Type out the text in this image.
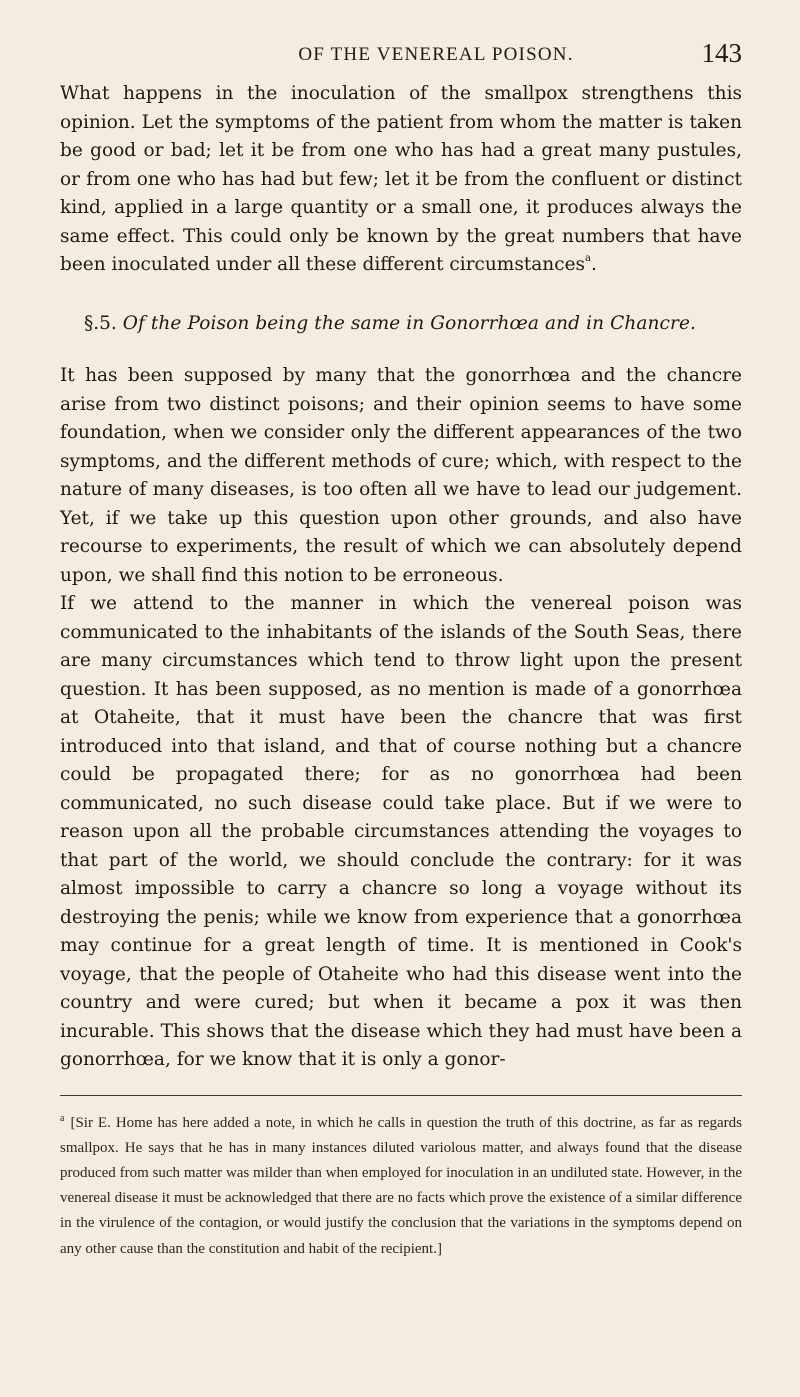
OF THE VENEREAL POISON.	143

What happens in the inoculation of the smallpox strengthens this opinion. Let the symptoms of the patient from whom the matter is taken be good or bad; let it be from one who has had a great many pustules, or from one who has had but few; let it be from the confluent or distinct kind, applied in a large quantity or a small one, it produces always the same effect. This could only be known by the great numbers that have been inoculated under all these different circumstances$^a$.

§.5. Of the Poison being the same in Gonorrhœa and in Chancre.

It has been supposed by many that the gonorrhœa and the chancre arise from two distinct poisons; and their opinion seems to have some foundation, when we consider only the different appearances of the two symptoms, and the different methods of cure; which, with respect to the nature of many diseases, is too often all we have to lead our judgement. Yet, if we take up this question upon other grounds, and also have recourse to experiments, the result of which we can absolutely depend upon, we shall find this notion to be erroneous.

If we attend to the manner in which the venereal poison was communicated to the inhabitants of the islands of the South Seas, there are many circumstances which tend to throw light upon the present question. It has been supposed, as no mention is made of a gonorrhœa at Otaheite, that it must have been the chancre that was first introduced into that island, and that of course nothing but a chancre could be propagated there; for as no gonorrhœa had been communicated, no such disease could take place. But if we were to reason upon all the probable circumstances attending the voyages to that part of the world, we should conclude the contrary: for it was almost impossible to carry a chancre so long a voyage without its destroying the penis; while we know from experience that a gonorrhœa may continue for a great length of time. It is mentioned in Cook's voyage, that the people of Otaheite who had this disease went into the country and were cured; but when it became a pox it was then incurable. This shows that the disease which they had must have been a gonorrhœa, for we know that it is only a gonor-

$^a$ [Sir E. Home has here added a note, in which he calls in question the truth of this doctrine, as far as regards smallpox. He says that he has in many instances diluted variolous matter, and always found that the disease produced from such matter was milder than when employed for inoculation in an undiluted state. However, in the venereal disease it must be acknowledged that there are no facts which prove the existence of a similar difference in the virulence of the contagion, or would justify the conclusion that the variations in the symptoms depend on any other cause than the constitution and habit of the recipient.]
